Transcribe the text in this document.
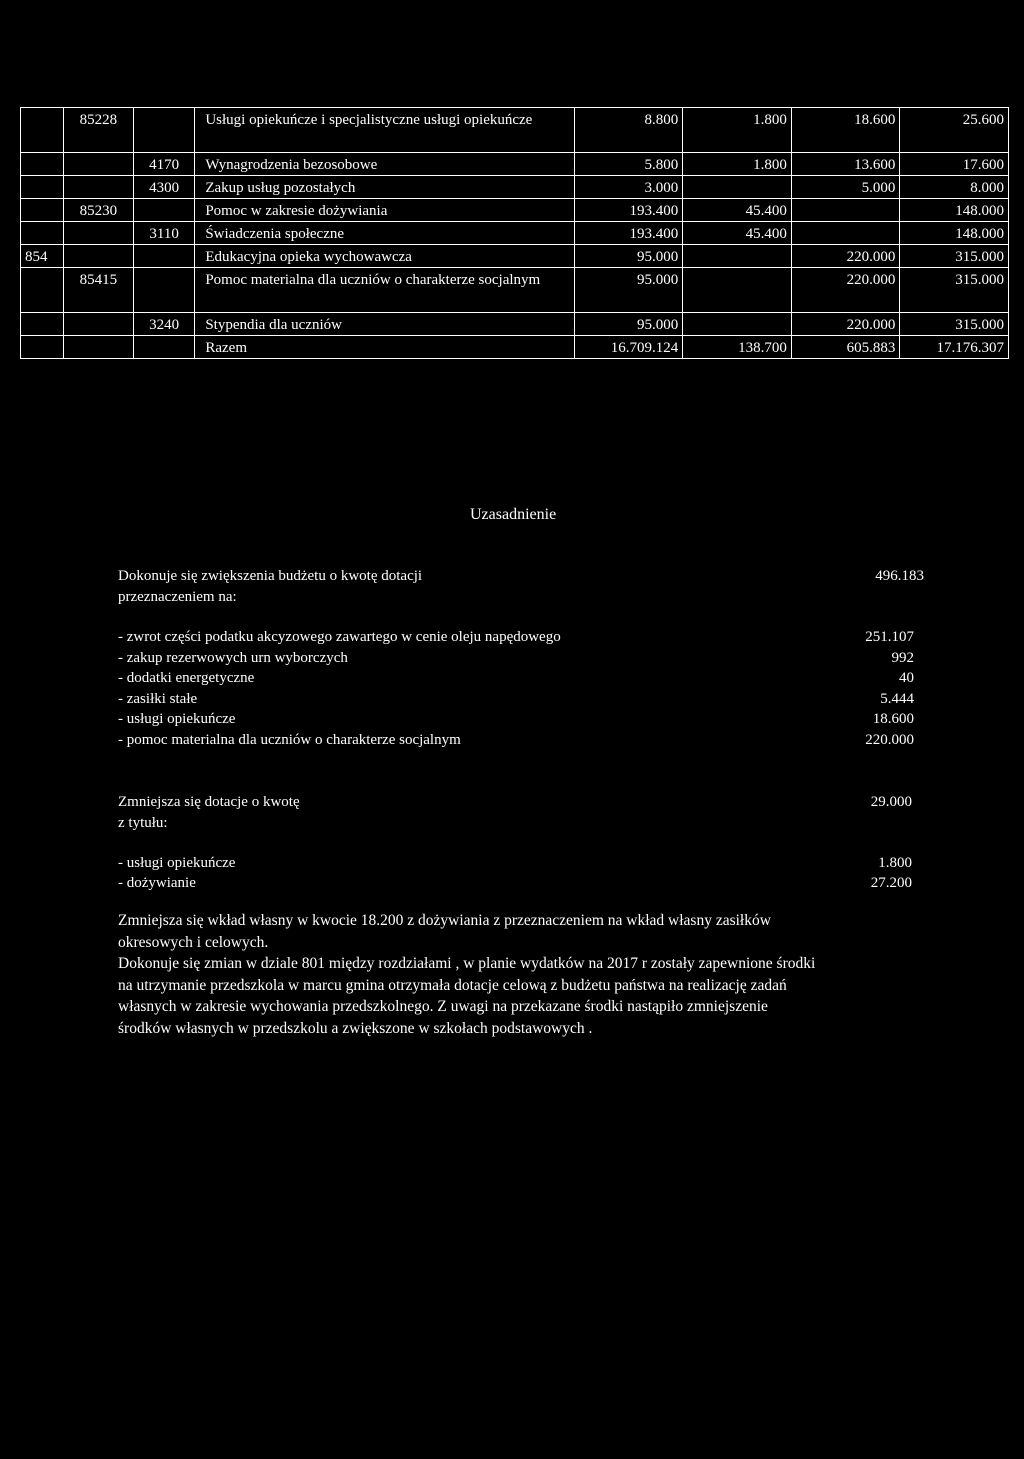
	85228		Usługi opiekuńcze i specjalistyczne usługi opiekuńcze	8.800	1.800	18.600	25.600
		4170	Wynagrodzenia bezosobowe	5.800	1.800	13.600	17.600
		4300	Zakup usług pozostałych	3.000		5.000	8.000
	85230		Pomoc w zakresie dożywiania	193.400	45.400		148.000
		3110	Świadczenia społeczne	193.400	45.400		148.000
854			Edukacyjna opieka wychowawcza	95.000		220.000	315.000
	85415		Pomoc materialna dla uczniów o charakterze socjalnym	95.000		220.000	315.000
		3240	Stypendia dla uczniów	95.000		220.000	315.000
			Razem	16.709.124	138.700	605.883	17.176.307
Uzasadnienie
Dokonuje się zwiększenia budżetu o kwotę dotacji
przeznaczeniem na:
496.183
- zwrot części podatku akcyzowego zawartego w cenie oleju napędowego	251.107
- zakup rezerwowych urn wyborczych	992
- dodatki energetyczne	40
- zasiłki stałe	5.444
- usługi opiekuńcze	18.600
- pomoc materialna dla uczniów o charakterze socjalnym	220.000
Zmniejsza się dotacje o kwotę
z tytułu:
29.000
- usługi opiekuńcze	1.800
- dożywianie	27.200

Zmniejsza się wkład własny w kwocie 18.200 z dożywiania z przeznaczeniem na wkład własny zasiłków

okresowych i celowych.

Dokonuje się zmian w dziale 801 między rozdziałami , w planie wydatków na 2017 r zostały zapewnione środki

na utrzymanie przedszkola w marcu gmina otrzymała dotacje celową z budżetu państwa na realizację zadań

własnych w zakresie wychowania przedszkolnego. Z uwagi na przekazane środki nastąpiło zmniejszenie

środków własnych w przedszkolu a zwiększone w szkołach podstawowych .
